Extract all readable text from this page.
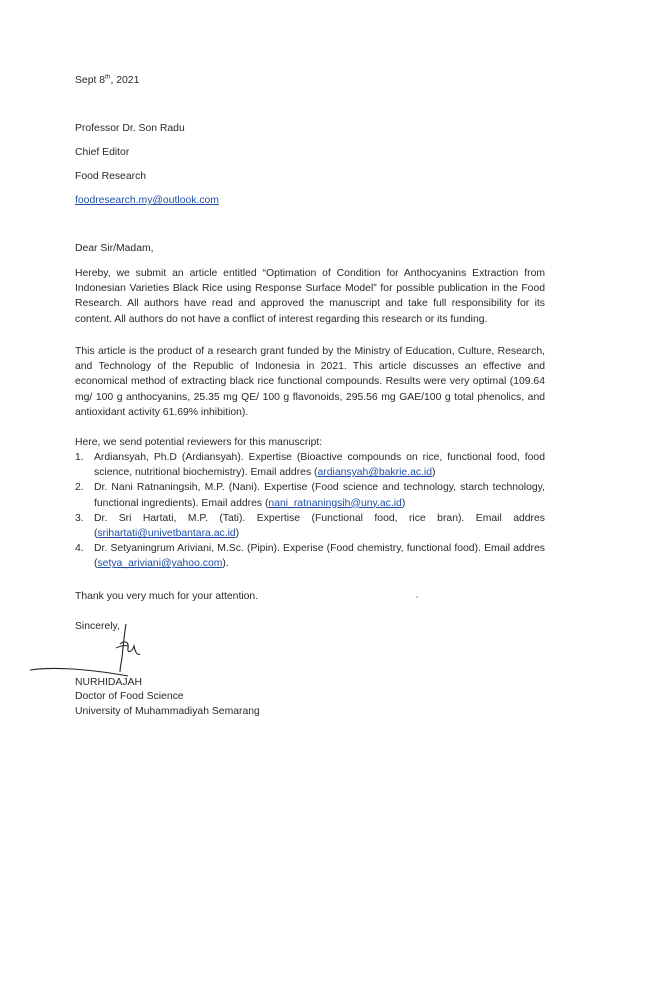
Sept 8th, 2021
Professor Dr. Son Radu
Chief Editor
Food Research
foodresearch.my@outlook.com
Dear Sir/Madam,
Hereby, we submit an article entitled “Optimation of Condition for Anthocyanins Extraction from Indonesian Varieties Black Rice using Response Surface Model” for possible publication in the Food Research. All authors have read and approved the manuscript and take full responsibility for its content. All authors do not have a conflict of interest regarding this research or its funding.
This article is the product of a research grant funded by the Ministry of Education, Culture, Research, and Technology of the Republic of Indonesia in 2021. This article discusses an effective and economical method of extracting black rice functional compounds. Results were very optimal (109.64 mg/ 100 g anthocyanins, 25.35 mg QE/ 100 g flavonoids, 295.56 mg GAE/100 g total phenolics, and antioxidant activity 61.69% inhibition).
Here, we send potential reviewers for this manuscript:
1. Ardiansyah, Ph.D (Ardiansyah). Expertise (Bioactive compounds on rice, functional food, food science, nutritional biochemistry). Email addres (ardiansyah@bakrie.ac.id)
2. Dr. Nani Ratnaningsih, M.P. (Nani). Expertise (Food science and technology, starch technology, functional ingredients). Email addres (nani_ratnaningsih@uny.ac.id)
3. Dr. Sri Hartati, M.P. (Tati). Expertise (Functional food, rice bran). Email addres (srihartati@univetbantara.ac.id)
4. Dr. Setyaningrum Ariviani, M.Sc. (Pipin). Experise (Food chemistry, functional food). Email addres (setya_ariviani@yahoo.com).
Thank you very much for your attention.
Sincerely,
NURHIDAJAH
Doctor of Food Science
University of Muhammadiyah Semarang
